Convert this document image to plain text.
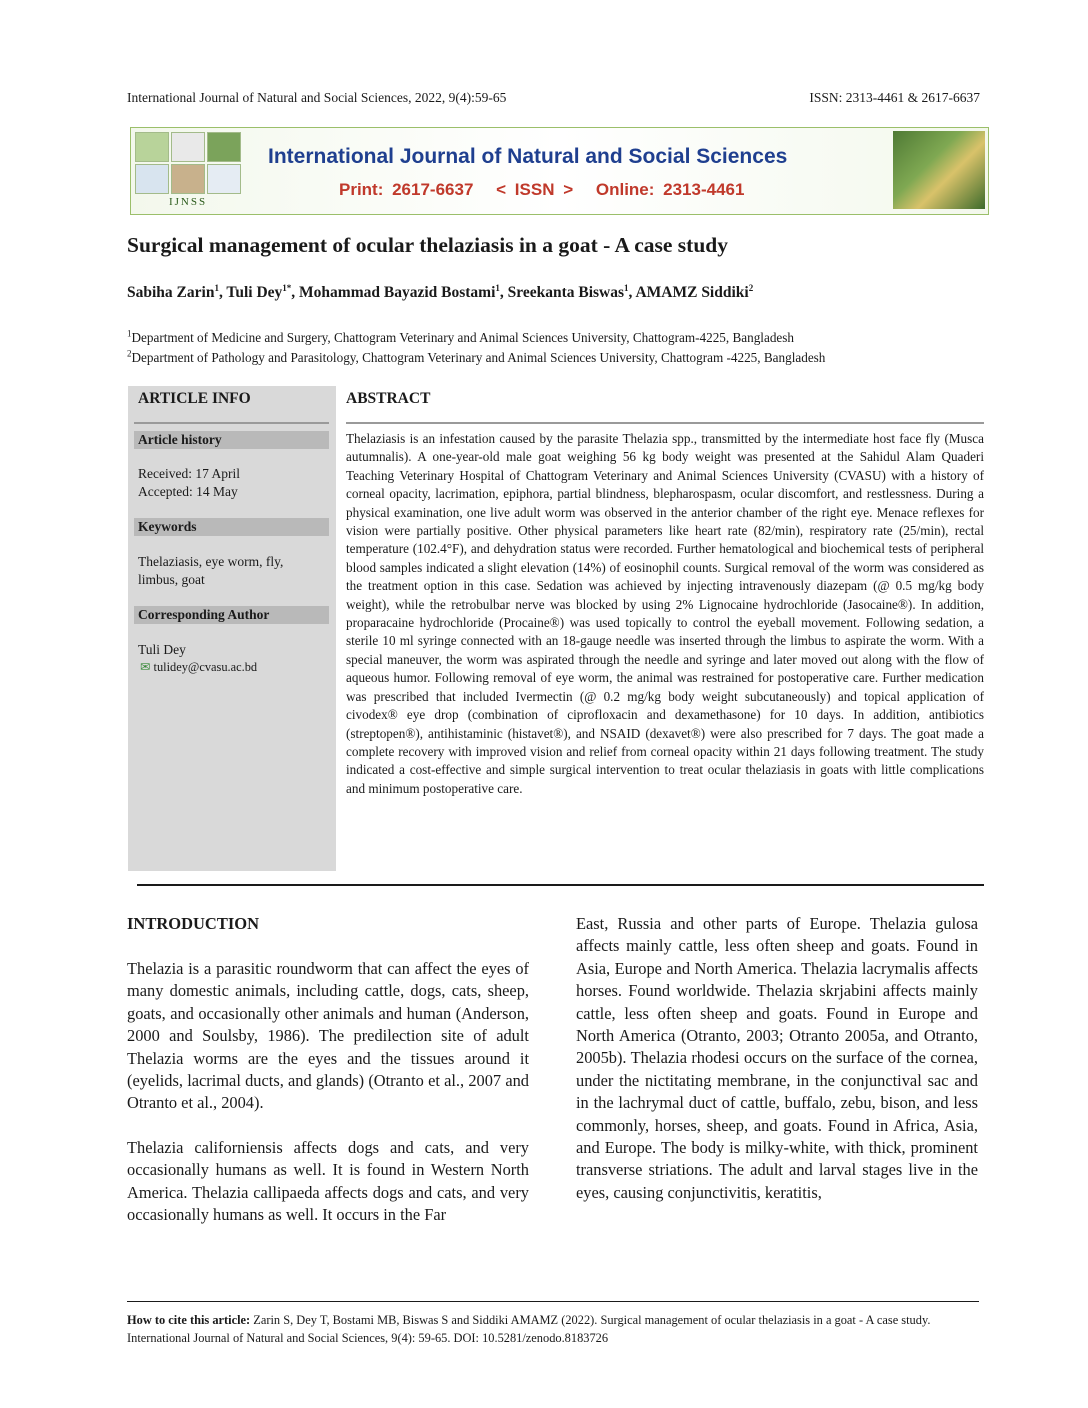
International Journal of Natural and Social Sciences, 2022, 9(4):59-65	ISSN: 2313-4461 & 2617-6637
IJNSS
International Journal of Natural and Social Sciences
Print: 2617-6637 < ISSN > Online: 2313-4461
Surgical management of ocular thelaziasis in a goat - A case study
Sabiha Zarin$^1$, Tuli Dey$^{1*}$, Mohammad Bayazid Bostami$^1$, Sreekanta Biswas$^1$, AMAMZ Siddiki$^2$
$^1$Department of Medicine and Surgery, Chattogram Veterinary and Animal Sciences University, Chattogram-4225, Bangladesh
$^2$Department of Pathology and Parasitology, Chattogram Veterinary and Animal Sciences University, Chattogram -4225, Bangladesh
ARTICLE INFO
Article history
Received: 17 April
Accepted: 14 May
Keywords
Thelaziasis, eye worm, fly,
limbus, goat
Corresponding Author
Tuli Dey
✉ tulidey@cvasu.ac.bd
ABSTRACT
Thelaziasis is an infestation caused by the parasite Thelazia spp., transmitted by the intermediate host face fly (Musca autumnalis). A one-year-old male goat weighing 56 kg body weight was presented at the Sahidul Alam Quaderi Teaching Veterinary Hospital of Chattogram Veterinary and Animal Sciences University (CVASU) with a history of corneal opacity, lacrimation, epiphora, partial blindness, blepharospasm, ocular discomfort, and restlessness. During a physical examination, one live adult worm was observed in the anterior chamber of the right eye. Menace reflexes for vision were partially positive. Other physical parameters like heart rate (82/min), respiratory rate (25/min), rectal temperature (102.4°F), and dehydration status were recorded. Further hematological and biochemical tests of peripheral blood samples indicated a slight elevation (14%) of eosinophil counts. Surgical removal of the worm was considered as the treatment option in this case. Sedation was achieved by injecting intravenously diazepam (@ 0.5 mg/kg body weight), while the retrobulbar nerve was blocked by using 2% Lignocaine hydrochloride (Jasocaine®). In addition, proparacaine hydrochloride (Procaine®) was used topically to control the eyeball movement. Following sedation, a sterile 10 ml syringe connected with an 18-gauge needle was inserted through the limbus to aspirate the worm. With a special maneuver, the worm was aspirated through the needle and syringe and later moved out along with the flow of aqueous humor. Following removal of eye worm, the animal was restrained for postoperative care. Further medication was prescribed that included Ivermectin (@ 0.2 mg/kg body weight subcutaneously) and topical application of civodex® eye drop (combination of ciprofloxacin and dexamethasone) for 10 days. In addition, antibiotics (streptopen®), antihistaminic (histavet®), and NSAID (dexavet®) were also prescribed for 7 days. The goat made a complete recovery with improved vision and relief from corneal opacity within 21 days following treatment. The study indicated a cost-effective and simple surgical intervention to treat ocular thelaziasis in goats with little complications and minimum postoperative care.
INTRODUCTION

Thelazia is a parasitic roundworm that can affect the eyes of many domestic animals, including cattle, dogs, cats, sheep, goats, and occasionally other animals and human (Anderson, 2000 and Soulsby, 1986). The predilection site of adult Thelazia worms are the eyes and the tissues around it (eyelids, lacrimal ducts, and glands) (Otranto et al., 2007 and Otranto et al., 2004).

Thelazia californiensis affects dogs and cats, and very occasionally humans as well. It is found in Western North America. Thelazia callipaeda affects dogs and cats, and very occasionally humans as well. It occurs in the Far

East, Russia and other parts of Europe. Thelazia gulosa affects mainly cattle, less often sheep and goats. Found in Asia, Europe and North America. Thelazia lacrymalis affects horses. Found worldwide. Thelazia skrjabini affects mainly cattle, less often sheep and goats. Found in Europe and North America (Otranto, 2003; Otranto 2005a, and Otranto, 2005b). Thelazia rhodesi occurs on the surface of the cornea, under the nictitating membrane, in the conjunctival sac and in the lachrymal duct of cattle, buffalo, zebu, bison, and less commonly, horses, sheep, and goats. Found in Africa, Asia, and Europe. The body is milky-white, with thick, prominent transverse striations. The adult and larval stages live in the eyes, causing conjunctivitis, keratitis,

How to cite this article: Zarin S, Dey T, Bostami MB, Biswas S and Siddiki AMAMZ (2022). Surgical management of ocular thelaziasis in a goat - A case study. International Journal of Natural and Social Sciences, 9(4): 59-65. DOI: 10.5281/zenodo.8183726
